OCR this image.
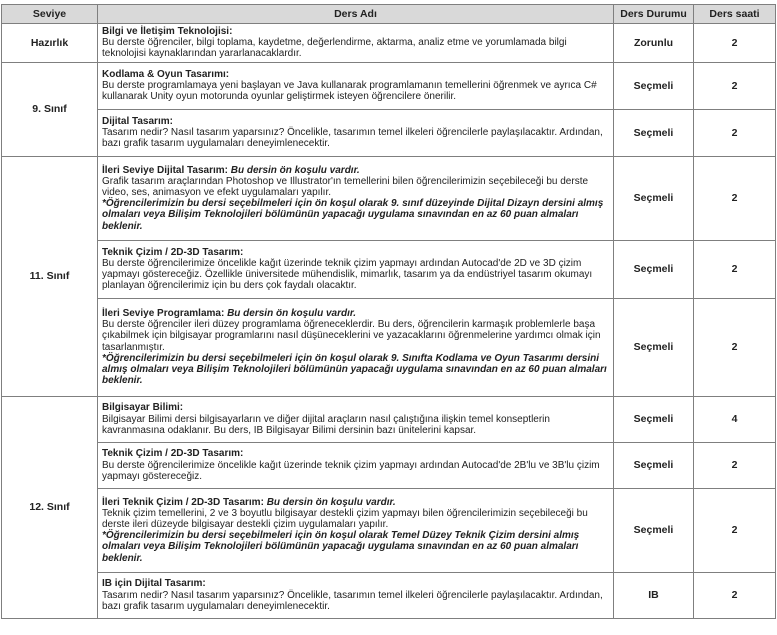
Seviye	Ders Adı	Ders Durumu	Ders saati
Hazırlık	Bilgi ve İletişim Teknolojisi:
Bu derste öğrenciler, bilgi toplama, kaydetme, değerlendirme, aktarma, analiz etme ve yorumlamada bilgi teknolojisi kaynaklarından yararlanacaklardır.	Zorunlu	2
9. Sınıf	Kodlama & Oyun Tasarımı:
Bu derste programlamaya yeni başlayan ve Java kullanarak programlamanın temellerini öğrenmek ve ayrıca C# kullanarak Unity oyun motorunda oyunlar geliştirmek isteyen öğrencilere önerilir.	Seçmeli	2
	Dijital Tasarım:
Tasarım nedir? Nasıl tasarım yaparsınız? Öncelikle, tasarımın temel ilkeleri öğrencilerle paylaşılacaktır. Ardından, bazı grafik tasarım uygulamaları deneyimlenecektir.	Seçmeli	2
11. Sınıf	İleri Seviye Dijital Tasarım: Bu dersin ön koşulu vardır.
Grafik tasarım araçlarından Photoshop ve Illustrator'ın temellerini bilen öğrencilerimizin seçebileceği bu derste video, ses, animasyon ve efekt uygulamaları yapılır.
*Öğrencilerimizin bu dersi seçebilmeleri için ön koşul olarak 9. sınıf düzeyinde Dijital Dizayn dersini almış olmaları veya Bilişim Teknolojileri bölümünün yapacağı uygulama sınavından en az 60 puan almaları beklenir.	Seçmeli	2
	Teknik Çizim / 2D-3D Tasarım:
Bu derste öğrencilerimize öncelikle kağıt üzerinde teknik çizim yapmayı ardından Autocad'de 2D ve 3D çizim yapmayı göstereceğiz. Özellikle üniversitede mühendislik, mimarlık, tasarım ya da endüstriyel tasarım okumayı planlayan öğrencilerimiz için bu ders çok faydalı olacaktır.	Seçmeli	2
	İleri Seviye Programlama: Bu dersin ön koşulu vardır.
Bu derste öğrenciler ileri düzey programlama öğreneceklerdir. Bu ders, öğrencilerin karmaşık problemlerle başa çıkabilmek için bilgisayar programlarını nasıl düşüneceklerini ve yazacaklarını öğrenmelerine yardımcı olmak için tasarlanmıştır.
*Öğrencilerimizin bu dersi seçebilmeleri için ön koşul olarak 9. Sınıfta Kodlama ve Oyun Tasarımı dersini almış olmaları veya Bilişim Teknolojileri bölümünün yapacağı uygulama sınavından en az 60 puan almaları beklenir.	Seçmeli	2
12. Sınıf	Bilgisayar Bilimi:
Bilgisayar Bilimi dersi bilgisayarların ve diğer dijital araçların nasıl çalıştığına ilişkin temel konseptlerin kavranmasına odaklanır. Bu ders, IB Bilgisayar Bilimi dersinin bazı ünitelerini kapsar.	Seçmeli	4
	Teknik Çizim / 2D-3D Tasarım:
Bu derste öğrencilerimize öncelikle kağıt üzerinde teknik çizim yapmayı ardından Autocad'de 2B'lu ve 3B'lu çizim yapmayı göstereceğiz.	Seçmeli	2
	İleri Teknik Çizim / 2D-3D Tasarım: Bu dersin ön koşulu vardır.
Teknik çizim temellerini, 2 ve 3 boyutlu bilgisayar destekli çizim yapmayı bilen öğrencilerimizin seçebileceği bu derste ileri düzeyde bilgisayar destekli çizim uygulamaları yapılır.
*Öğrencilerimizin bu dersi seçebilmeleri için ön koşul olarak Temel Düzey Teknik Çizim dersini almış olmaları veya Bilişim Teknolojileri bölümünün yapacağı uygulama sınavından en az 60 puan almaları beklenir.	Seçmeli	2
	IB için Dijital Tasarım:
Tasarım nedir? Nasıl tasarım yaparsınız? Öncelikle, tasarımın temel ilkeleri öğrencilerle paylaşılacaktır. Ardından, bazı grafik tasarım uygulamaları deneyimlenecektir.	IB	2
